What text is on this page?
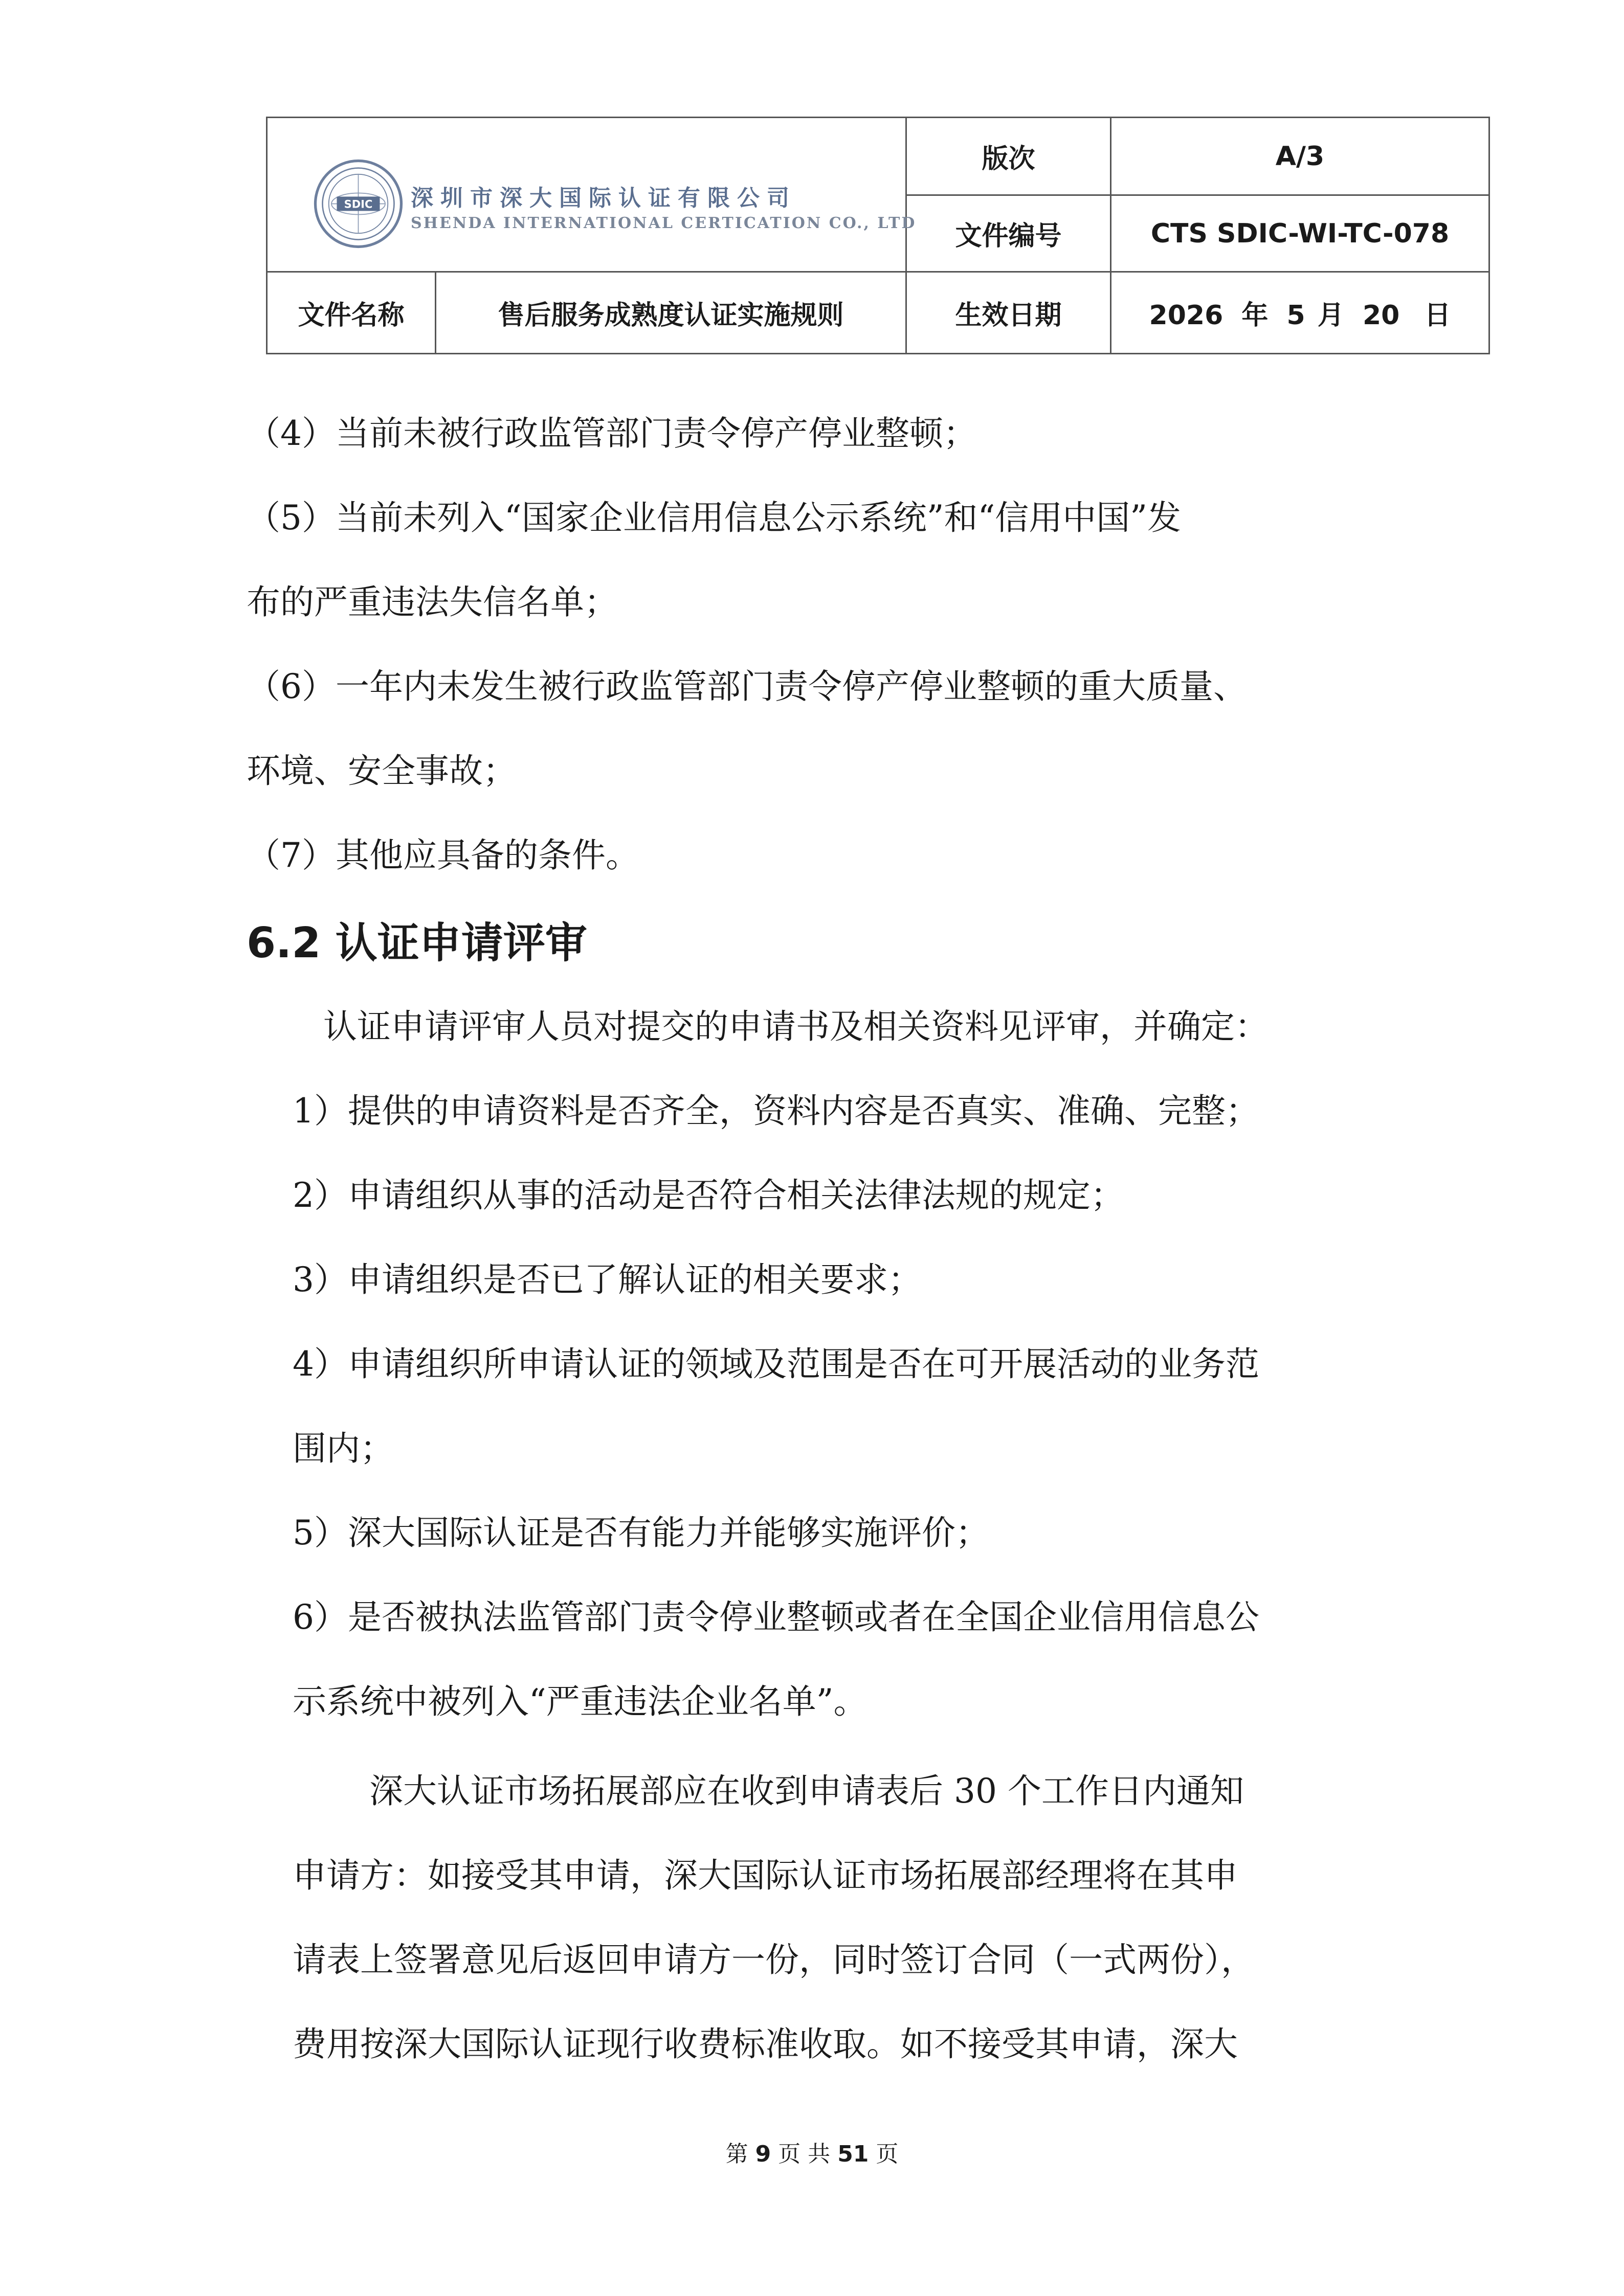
SDIC 深圳市深大国际认证有限公司
SHENDA INTERNATIONAL CERTICATION CO., LTD		版次	A/3
		文件编号	CTS SDIC-WI-TC-078
文件名称	售后服务成熟度认证实施规则	生效日期	2026 年 5 月 20 日
（4）当前未被行政监管部门责令停产停业整顿；
（5）当前未列入“国家企业信用信息公示系统”和“信用中国”发
布的严重违法失信名单；
（6）一年内未发生被行政监管部门责令停产停业整顿的重大质量、
环境、安全事故；
（7）其他应具备的条件。
6.2 认证申请评审
认证申请评审人员对提交的申请书及相关资料见评审，并确定：
1）提供的申请资料是否齐全，资料内容是否真实、准确、完整；
2）申请组织从事的活动是否符合相关法律法规的规定；
3）申请组织是否已了解认证的相关要求；
4）申请组织所申请认证的领域及范围是否在可开展活动的业务范
围内；
5）深大国际认证是否有能力并能够实施评价；
6）是否被执法监管部门责令停业整顿或者在全国企业信用信息公
示系统中被列入“严重违法企业名单”。
深大认证市场拓展部应在收到申请表后 30 个工作日内通知
申请方：如接受其申请，深大国际认证市场拓展部经理将在其申
请表上签署意见后返回申请方一份，同时签订合同（一式两份），
费用按深大国际认证现行收费标准收取。如不接受其申请，深大
第 9 页 共 51 页
